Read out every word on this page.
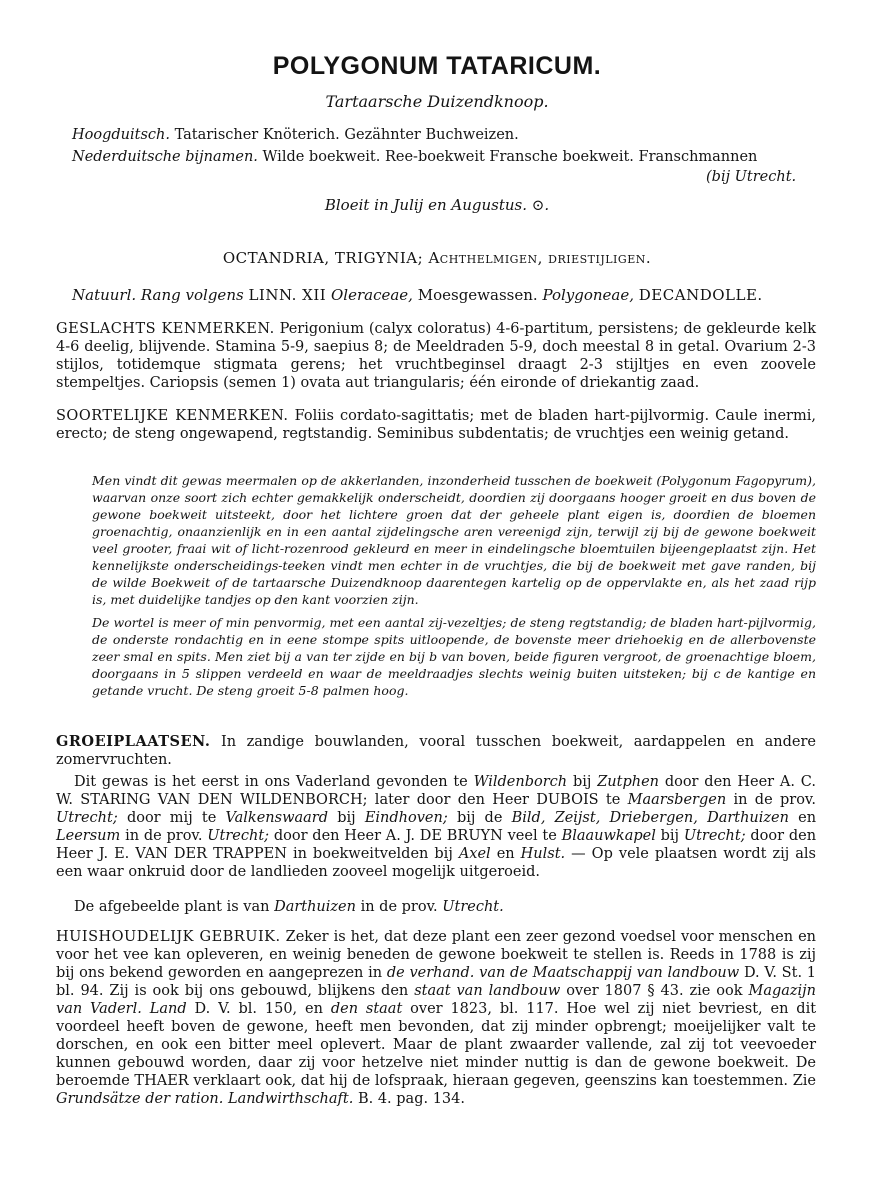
POLYGONUM TATARICUM.
Tartaarsche Duizendknoop.
Hoogduitsch. Tatarischer Knöterich. Gezähnter Buchweizen.
Nederduitsche bijnamen. Wilde boekweit. Ree-boekweit Fransche boekweit. Franschmannen
(bij Utrecht.
Bloeit in Julij en Augustus. ⊙.
OCTANDRIA, TRIGYNIA; Achthelmigen, driestijligen.
Natuurl. Rang volgens LINN. XII Oleraceae, Moesgewassen. Polygoneae, DECANDOLLE.

GESLACHTS KENMERKEN. Perigonium (calyx coloratus) 4-6-partitum, persistens; de gekleurde kelk 4-6 deelig, blijvende. Stamina 5-9, saepius 8; de Meeldraden 5-9, doch meestal 8 in getal. Ovarium 2-3 stijlos, totidemque stigmata gerens; het vruchtbeginsel draagt 2-3 stijltjes en even zoovele stempeltjes. Cariopsis (semen 1) ovata aut triangularis; één eironde of driekantig zaad.

SOORTELIJKE KENMERKEN. Foliis cordato-sagittatis; met de bladen hart-pijlvormig. Caule inermi, erecto; de steng ongewapend, regtstandig. Seminibus subdentatis; de vruchtjes een weinig getand.

Men vindt dit gewas meermalen op de akkerlanden, inzonderheid tusschen de boekweit (Polygonum Fagopyrum), waarvan onze soort zich echter gemakkelijk onderscheidt, doordien zij doorgaans hooger groeit en dus boven de gewone boekweit uitsteekt, door het lichtere groen dat der geheele plant eigen is, doordien de bloemen groenachtig, onaanzienlijk en in een aantal zijdelingsche aren vereenigd zijn, terwijl zij bij de gewone boekweit veel grooter, fraai wit of licht-rozenrood gekleurd en meer in eindelingsche bloemtuilen bijeengeplaatst zijn. Het kennelijkste onderscheidings-teeken vindt men echter in de vruchtjes, die bij de boekweit met gave randen, bij de wilde Boekweit of de tartaarsche Duizendknoop daarentegen kartelig op de oppervlakte en, als het zaad rijp is, met duidelijke tandjes op den kant voorzien zijn.

De wortel is meer of min penvormig, met een aantal zij-vezeltjes; de steng regtstandig; de bladen hart-pijlvormig, de onderste rondachtig en in eene stompe spits uitloopende, de bovenste meer driehoekig en de allerbovenste zeer smal en spits. Men ziet bij a van ter zijde en bij b van boven, beide figuren vergroot, de groenachtige bloem, doorgaans in 5 slippen verdeeld en waar de meeldraadjes slechts weinig buiten uitsteken; bij c de kantige en getande vrucht. De steng groeit 5-8 palmen hoog.

GROEIPLAATSEN. In zandige bouwlanden, vooral tusschen boekweit, aardappelen en andere zomervruchten.

Dit gewas is het eerst in ons Vaderland gevonden te Wildenborch bij Zutphen door den Heer A. C. W. STARING VAN DEN WILDENBORCH; later door den Heer DUBOIS te Maarsbergen in de prov. Utrecht; door mij te Valkenswaard bij Eindhoven; bij de Bild, Zeijst, Driebergen, Darthuizen en Leersum in de prov. Utrecht; door den Heer A. J. DE BRUYN veel te Blaauwkapel bij Utrecht; door den Heer J. E. VAN DER TRAPPEN in boekweitvelden bij Axel en Hulst. — Op vele plaatsen wordt zij als een waar onkruid door de landlieden zooveel mogelijk uitgeroeid.

De afgebeelde plant is van Darthuizen in de prov. Utrecht.

HUISHOUDELIJK GEBRUIK. Zeker is het, dat deze plant een zeer gezond voedsel voor menschen en voor het vee kan opleveren, en weinig beneden de gewone boekweit te stellen is. Reeds in 1788 is zij bij ons bekend geworden en aangeprezen in de verhand. van de Maatschappij van landbouw D. V. St. 1 bl. 94. Zij is ook bij ons gebouwd, blijkens den staat van landbouw over 1807 § 43. zie ook Magazijn van Vaderl. Land D. V. bl. 150, en den staat over 1823, bl. 117. Hoe wel zij niet bevriest, en dit voordeel heeft boven de gewone, heeft men bevonden, dat zij minder opbrengt; moeijelijker valt te dorschen, en ook een bitter meel oplevert. Maar de plant zwaarder vallende, zal zij tot veevoeder kunnen gebouwd worden, daar zij voor hetzelve niet minder nuttig is dan de gewone boekweit. De beroemde THAER verklaart ook, dat hij de lofspraak, hieraan gegeven, geenszins kan toestemmen. Zie Grundsätze der ration. Landwirthschaft. B. 4. pag. 134.
